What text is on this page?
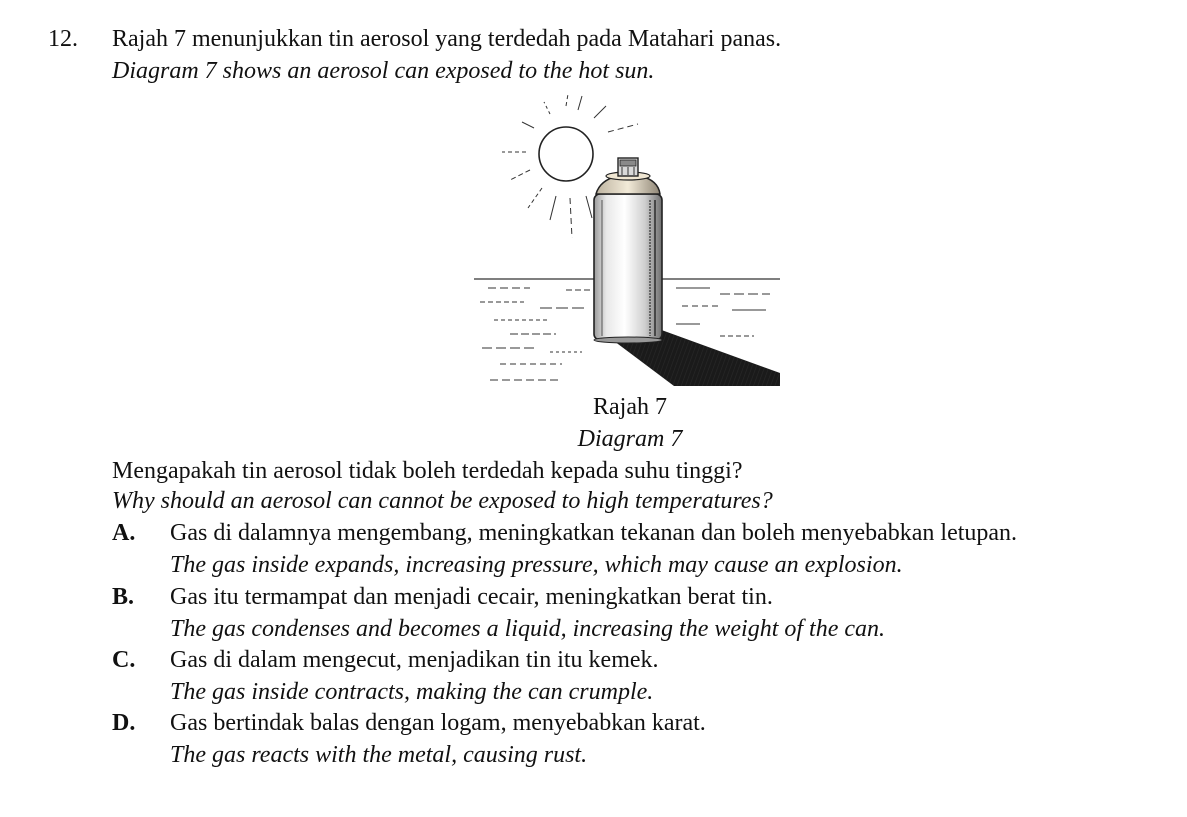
12. Rajah 7 menunjukkan tin aerosol yang terdedah pada Matahari panas.
Diagram 7 shows an aerosol can exposed to the hot sun.
Rajah 7
Diagram 7
Mengapakah tin aerosol tidak boleh terdedah kepada suhu tinggi?
Why should an aerosol can cannot be exposed to high temperatures?
A. Gas di dalamnya mengembang, meningkatkan tekanan dan boleh menyebabkan letupan.
The gas inside expands, increasing pressure, which may cause an explosion.
B. Gas itu termampat dan menjadi cecair, meningkatkan berat tin.
The gas condenses and becomes a liquid, increasing the weight of the can.
C. Gas di dalam mengecut, menjadikan tin itu kemek.
The gas inside contracts, making the can crumple.
D. Gas bertindak balas dengan logam, menyebabkan karat.
The gas reacts with the metal, causing rust.
